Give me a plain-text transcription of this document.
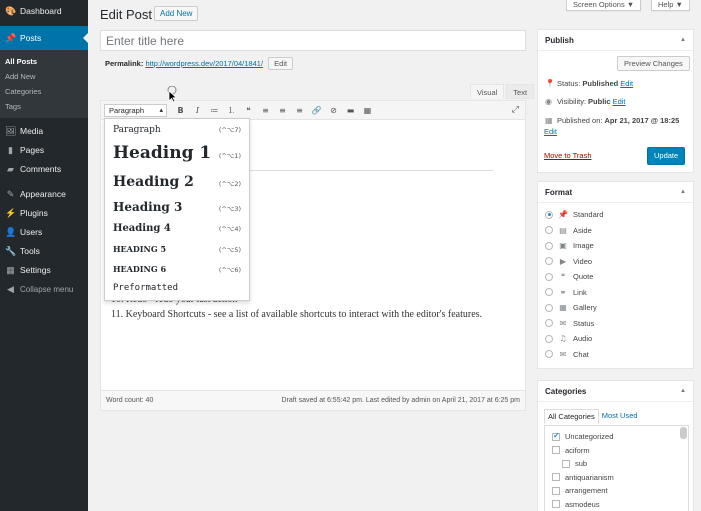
🎨 Dashboard
📌 Posts
All Posts
Add New
Categories
Tags
🖼 Media
▮ Pages
▰ Comments
✎ Appearance
⚡ Plugins
👤 Users
🔧 Tools
▦ Settings
◀ Collapse menu
Screen Options ▼	Help ▼
Edit Post Add New
Enter title here
Permalink: http://wordpress.dev/2017/04/1841/ Edit
Visual	Text
Paragraph ▴	B	I	≔	⒈	❝	≡	≡	≡	🔗	⊘	▬	▦	⤢
11. Keyboard Shortcuts - see a list of available shortcuts to interact with the editor's features.
Word count: 40	Draft saved at 6:55:42 pm. Last edited by admin on April 21, 2017 at 6:25 pm
Paragraph	(^⌥7)
Heading 1 (^⌥1)
Heading 2	(^⌥2)
Heading 3	(^⌥3)
Heading 4	(^⌥4)
HEADING 5	(^⌥5)
HEADING 6	(^⌥6)
Preformatted
Publish	▲
Preview Changes
📍 Status: Published Edit
◉ Visibility: Public Edit
▦ Published on: Apr 21, 2017 @ 18:25
Edit
Move to Trash	Update
Format	▲
📌 Standard
▤ Aside
▣ Image
▶ Video
❝	Quote
⚭ Link
▦ Gallery
✉ Status
♫ Audio
✉ Chat
Categories	▲
All Categories Most Used
✓
Uncategorized
aciform
sub
antiquarianism
arrangement
asmodeus
